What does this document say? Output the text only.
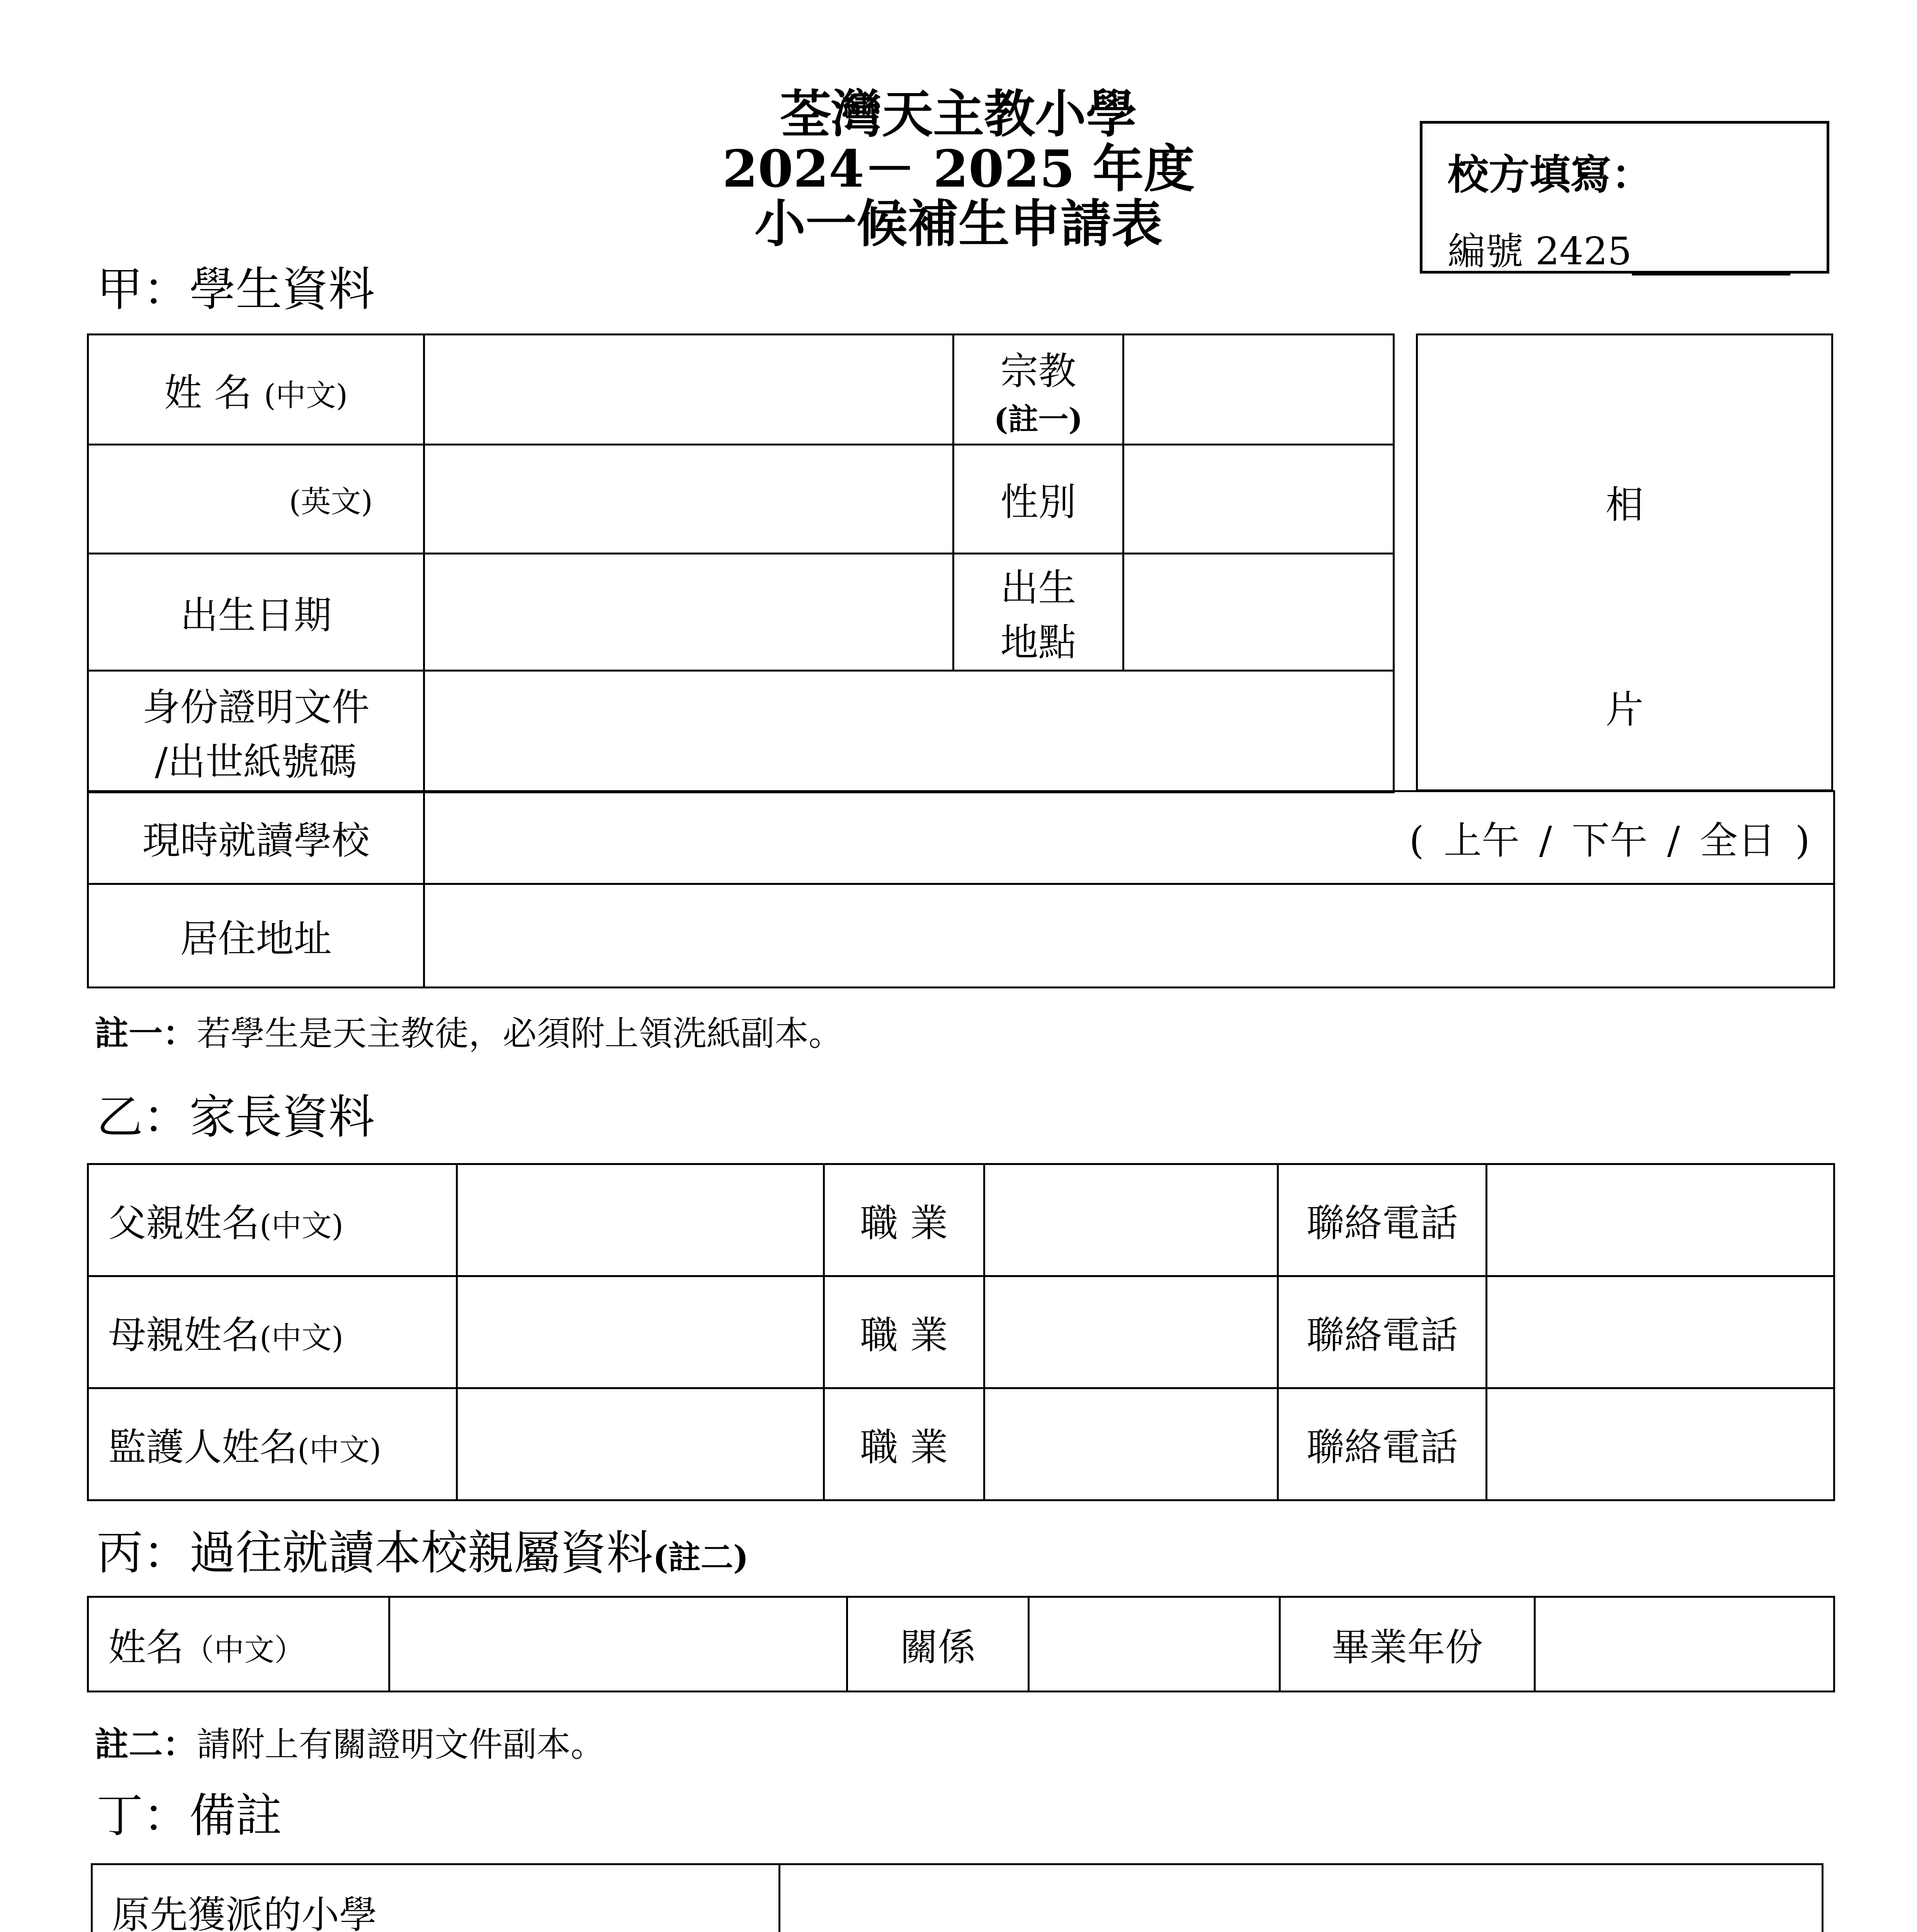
荃灣天主教小學
2024－ 2025 年度
小一候補生申請表
校方填寫：
編號 2425
甲：學生資料
姓 名 (中文)		宗教
(註一)	

(英文)		性別	
出生日期		出生
地點	

身份證明文件
/出世紙號碼			

相
片
現時就讀學校	( 上午 / 下午 / 全日 )
居住地址	
註一：若學生是天主教徒，必須附上領洗紙副本。
乙：家長資料
父親姓名(中文)		職 業		聯絡電話	
母親姓名(中文)		職 業		聯絡電話	
監護人姓名(中文)		職 業		聯絡電話	
丙：過往就讀本校親屬資料(註二)
姓名（中文）		關係		畢業年份	
註二：請附上有關證明文件副本。
丁：備註
原先獲派的小學	
